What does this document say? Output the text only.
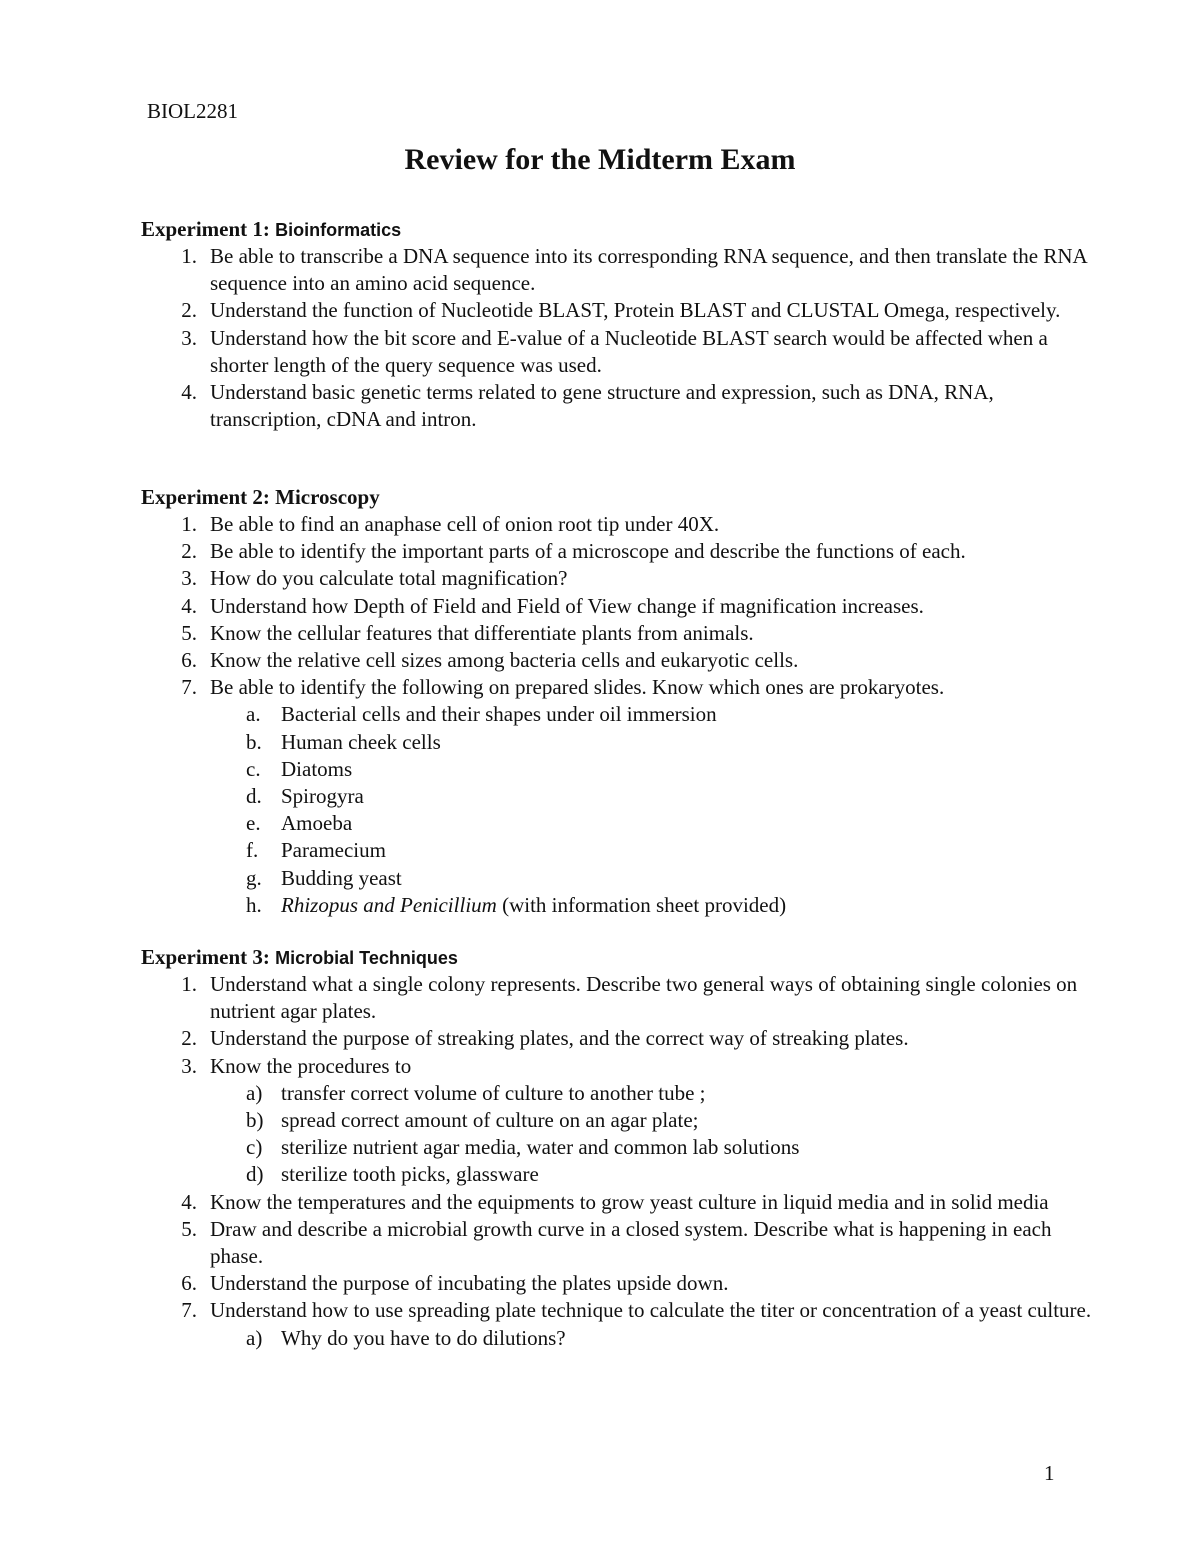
BIOL2281
Review for the Midterm Exam
Experiment 1: Bioinformatics
1. Be able to transcribe a DNA sequence into its corresponding RNA sequence, and then translate the RNA sequence into an amino acid sequence.
2. Understand the function of Nucleotide BLAST, Protein BLAST and CLUSTAL Omega, respectively.
3. Understand how the bit score and E-value of a Nucleotide BLAST search would be affected when a shorter length of the query sequence was used.
4. Understand basic genetic terms related to gene structure and expression, such as DNA, RNA, transcription, cDNA and intron.
Experiment 2: Microscopy
1. Be able to find an anaphase cell of onion root tip under 40X.
2. Be able to identify the important parts of a microscope and describe the functions of each.
3. How do you calculate total magnification?
4. Understand how Depth of Field and Field of View change if magnification increases.
5. Know the cellular features that differentiate plants from animals.
6. Know the relative cell sizes among bacteria cells and eukaryotic cells.
7. Be able to identify the following on prepared slides. Know which ones are prokaryotes.
a. Bacterial cells and their shapes under oil immersion
b. Human cheek cells
c. Diatoms
d. Spirogyra
e. Amoeba
f. Paramecium
g. Budding yeast
h. Rhizopus and Penicillium (with information sheet provided)
Experiment 3: Microbial Techniques
1. Understand what a single colony represents. Describe two general ways of obtaining single colonies on nutrient agar plates.
2. Understand the purpose of streaking plates, and the correct way of streaking plates.
3. Know the procedures to
a) transfer correct volume of culture to another tube ;
b) spread correct amount of culture on an agar plate;
c) sterilize nutrient agar media, water and common lab solutions
d) sterilize tooth picks, glassware
4. Know the temperatures and the equipments to grow yeast culture in liquid media and in solid media
5. Draw and describe a microbial growth curve in a closed system. Describe what is happening in each phase.
6. Understand the purpose of incubating the plates upside down.
7. Understand how to use spreading plate technique to calculate the titer or concentration of a yeast culture.
a) Why do you have to do dilutions?
1
